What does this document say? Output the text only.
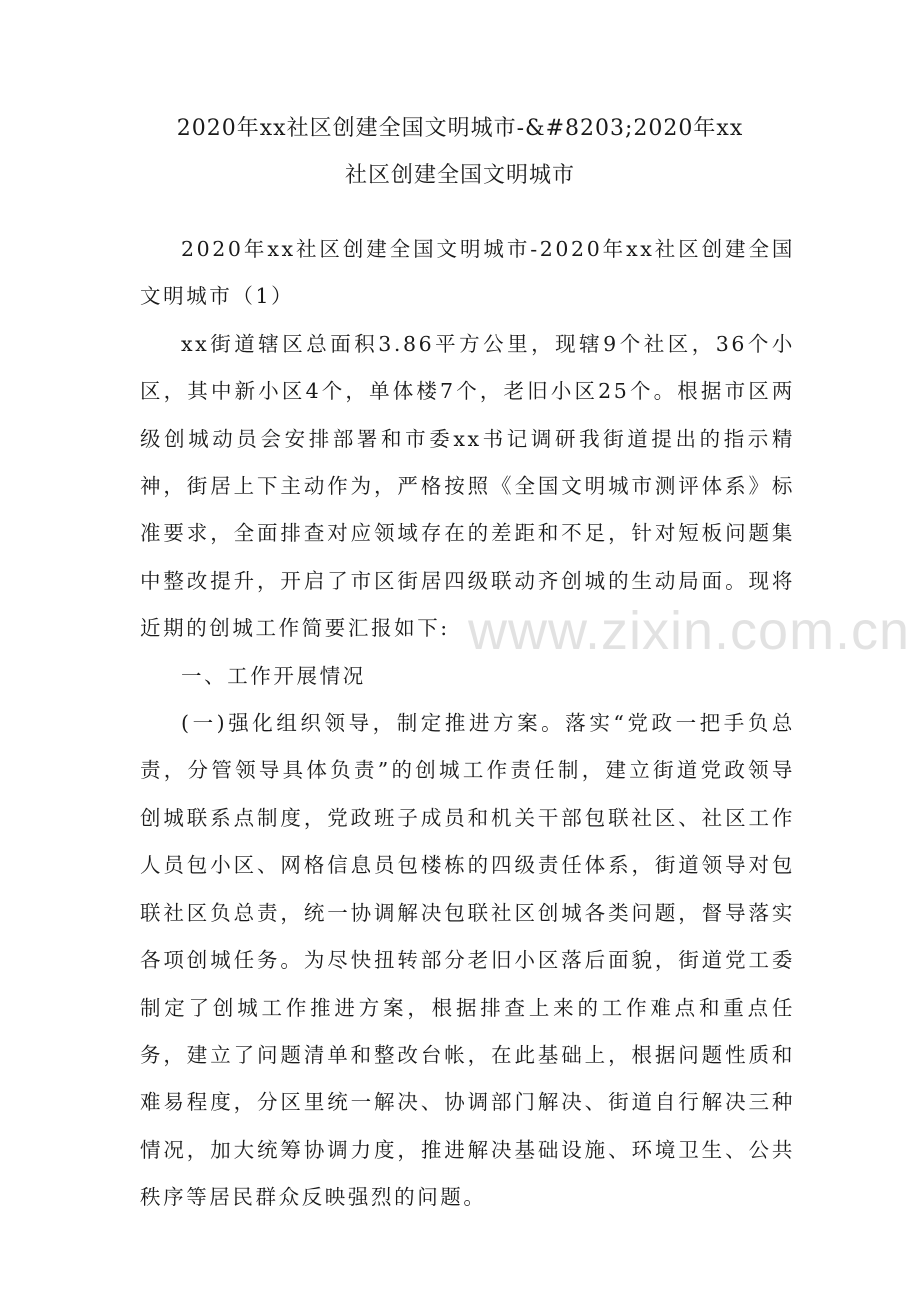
2020年xx社区创建全国文明城市-&#8203;2020年xx
社区创建全国文明城市

2020年xx社区创建全国文明城市-2020年xx社区创建全国文明城市（1）

xx街道辖区总面积3.86平方公里，现辖9个社区，36个小区，其中新小区4个，单体楼7个，老旧小区25个。根据市区两级创城动员会安排部署和市委xx书记调研我街道提出的指示精神，街居上下主动作为，严格按照《全国文明城市测评体系》标准要求，全面排查对应领域存在的差距和不足，针对短板问题集中整改提升，开启了市区街居四级联动齐创城的生动局面。现将近期的创城工作简要汇报如下:

一、工作开展情况

(一)强化组织领导，制定推进方案。落实“党政一把手负总责，分管领导具体负责”的创城工作责任制，建立街道党政领导创城联系点制度，党政班子成员和机关干部包联社区、社区工作人员包小区、网格信息员包楼栋的四级责任体系，街道领导对包联社区负总责，统一协调解决包联社区创城各类问题，督导落实各项创城任务。为尽快扭转部分老旧小区落后面貌，街道党工委制定了创城工作推进方案，根据排查上来的工作难点和重点任务，建立了问题清单和整改台帐，在此基础上，根据问题性质和难易程度，分区里统一解决、协调部门解决、街道自行解决三种情况，加大统筹协调力度，推进解决基础设施、环境卫生、公共秩序等居民群众反映强烈的问题。

www.zixin.com.cn
